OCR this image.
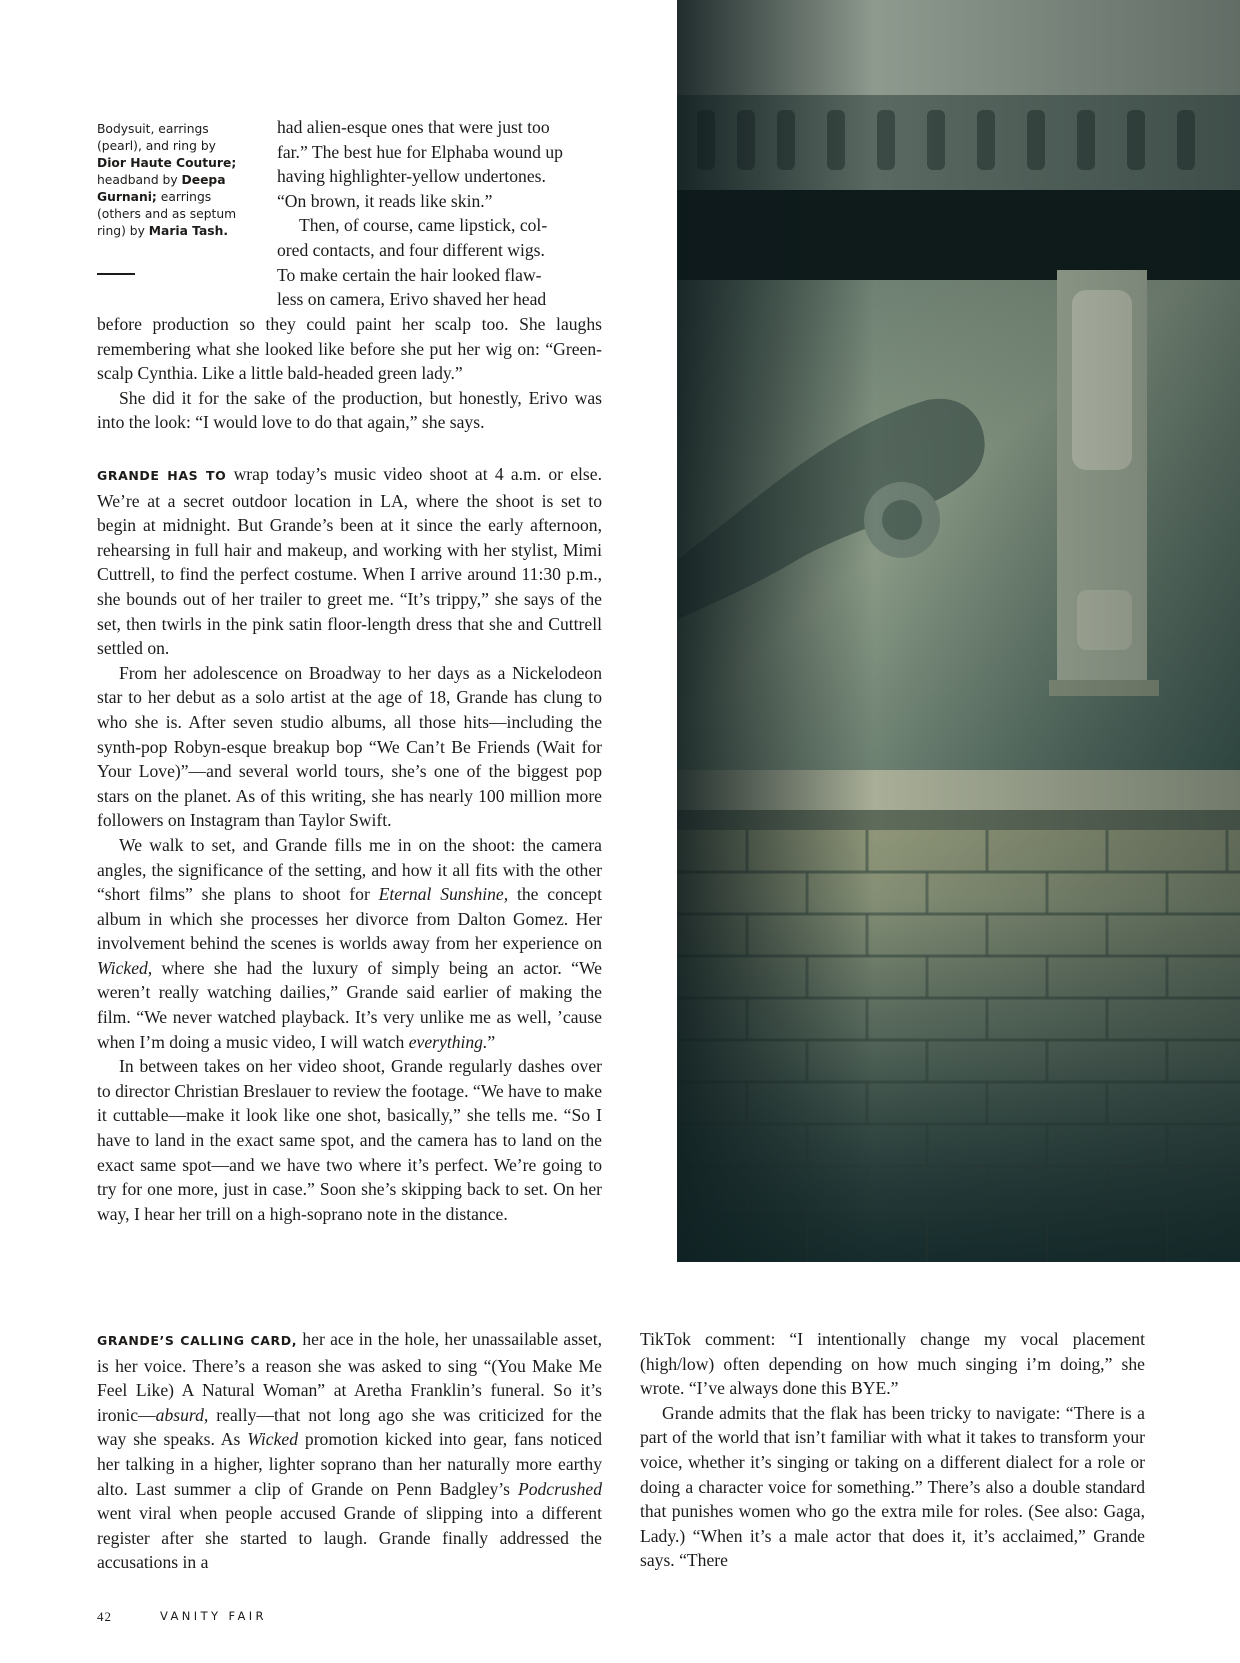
Bodysuit, earrings (pearl), and ring by Dior Haute Couture; headband by Deepa Gurnani; earrings (others and as septum ring) by Maria Tash.
had alien-esque ones that were just too
far.” The best hue for Elphaba wound up
having highlighter-yellow undertones.
“On brown, it reads like skin.”
Then, of course, came lipstick, col-
ored contacts, and four different wigs.
To make certain the hair looked flaw-
less on camera, Erivo shaved her head

before production so they could paint her scalp too. She laughs remembering what she looked like before she put her wig on: “Green-scalp Cynthia. Like a little bald-headed green lady.”

She did it for the sake of the production, but honestly, Erivo was into the look: “I would love to do that again,” she says.

GRANDE HAS TO wrap today’s music video shoot at 4 a.m. or else. We’re at a secret outdoor location in LA, where the shoot is set to begin at midnight. But Grande’s been at it since the early afternoon, rehearsing in full hair and makeup, and working with her stylist, Mimi Cuttrell, to find the perfect costume. When I arrive around 11:30 p.m., she bounds out of her trailer to greet me. “It’s trippy,” she says of the set, then twirls in the pink satin floor-length dress that she and Cuttrell settled on.

From her adolescence on Broadway to her days as a Nickelodeon star to her debut as a solo artist at the age of 18, Grande has clung to who she is. After seven studio albums, all those hits—including the synth-pop Robyn-esque breakup bop “We Can’t Be Friends (Wait for Your Love)”—and several world tours, she’s one of the biggest pop stars on the planet. As of this writing, she has nearly 100 million more followers on Instagram than Taylor Swift.

We walk to set, and Grande fills me in on the shoot: the camera angles, the significance of the setting, and how it all fits with the other “short films” she plans to shoot for Eternal Sunshine, the concept album in which she processes her divorce from Dalton Gomez. Her involvement behind the scenes is worlds away from her experience on Wicked, where she had the luxury of simply being an actor. “We weren’t really watching dailies,” Grande said earlier of making the film. “We never watched playback. It’s very unlike me as well, ’cause when I’m doing a music video, I will watch everything.”

In between takes on her video shoot, Grande regularly dashes over to director Christian Breslauer to review the footage. “We have to make it cuttable—make it look like one shot, basically,” she tells me. “So I have to land in the exact same spot, and the camera has to land on the exact same spot—and we have two where it’s perfect. We’re going to try for one more, just in case.” Soon she’s skipping back to set. On her way, I hear her trill on a high-soprano note in the distance.

GRANDE’S CALLING CARD, her ace in the hole, her unassailable asset, is her voice. There’s a reason she was asked to sing “(You Make Me Feel Like) A Natural Woman” at Aretha Franklin’s funeral. So it’s ironic—absurd, really—that not long ago she was criticized for the way she speaks. As Wicked promotion kicked into gear, fans noticed her talking in a higher, lighter soprano than her naturally more earthy alto. Last summer a clip of Grande on Penn Badgley’s Podcrushed went viral when people accused Grande of slipping into a different register after she started to laugh. Grande finally addressed the accusations in a

TikTok comment: “I intentionally change my vocal placement (high/low) often depending on how much singing i’m doing,” she wrote. “I’ve always done this BYE.”

Grande admits that the flak has been tricky to navigate: “There is a part of the world that isn’t familiar with what it takes to transform your voice, whether it’s singing or taking on a different dialect for a role or doing a character voice for something.” There’s also a double standard that punishes women who go the extra mile for roles. (See also: Gaga, Lady.) “When it’s a male actor that does it, it’s acclaimed,” Grande says. “There

42	VANITY FAIR
